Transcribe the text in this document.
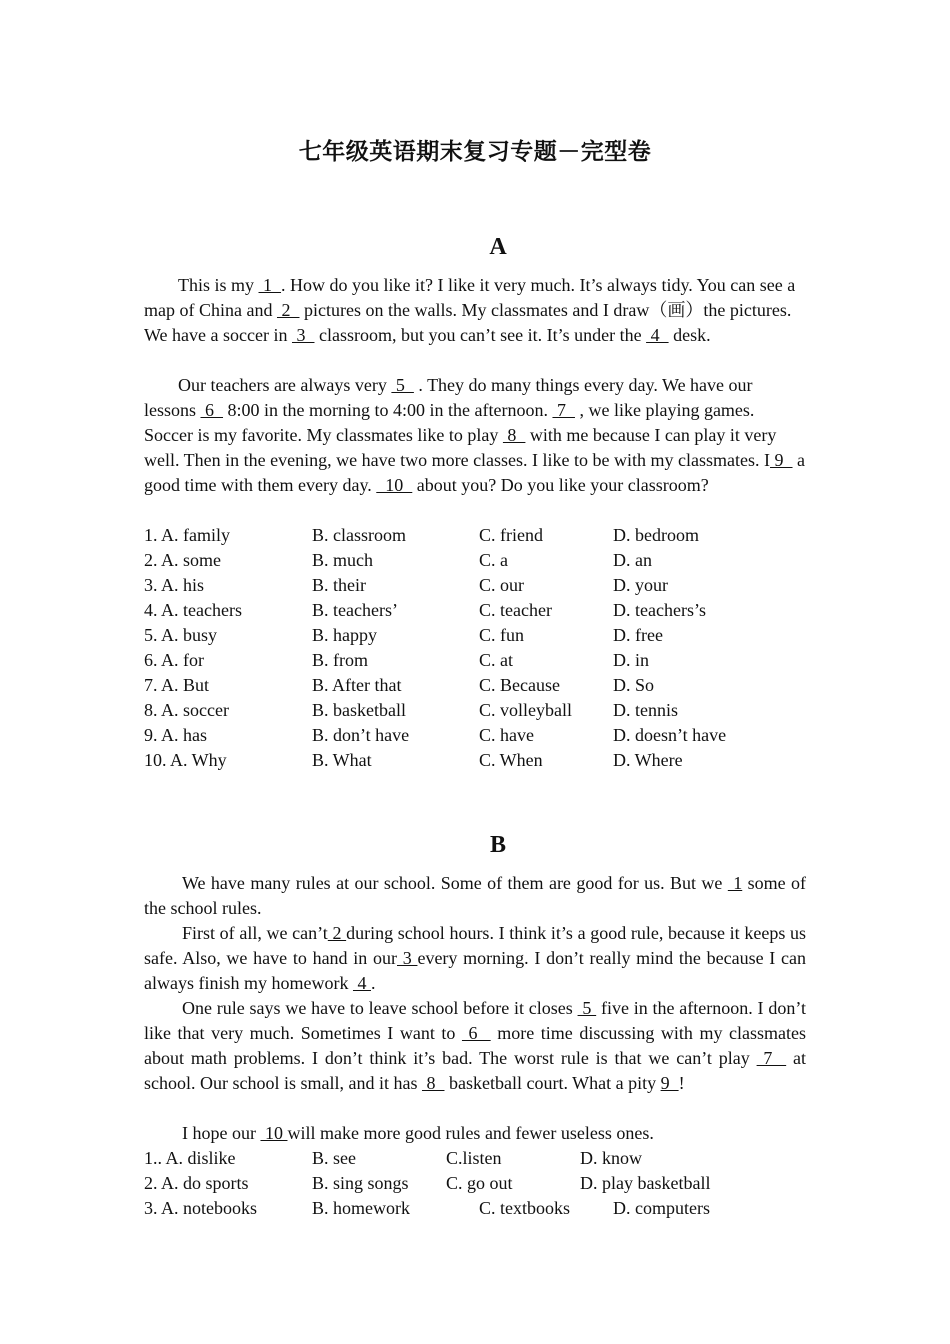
七年级英语期末复习专题－完型卷
A

This is my  1  . How do you like it? I like it very much. It’s always tidy. You can see a map of China and  2   pictures on the walls. My classmates and I draw（画）the pictures. We have a soccer in  3   classroom, but you can’t see it. It’s under the  4   desk.

Our teachers are always very  5   . They do many things every day. We have our lessons  6   8:00 in the morning to 4:00 in the afternoon.  7   , we like playing games. Soccer is my favorite. My classmates like to play  8   with me because I can play it very well. Then in the evening, we have two more classes. I like to be with my classmates. I 9   a good time with them every day.   10   about you? Do you like your classroom?

1. A. family	B. classroom	C. friend	D. bedroom
2. A. some	B. much	C. a	D. an
3. A. his	B. their	C. our	D. your
4. A. teachers	B. teachers’	C. teacher	D. teachers’s
5. A. busy	B. happy	C. fun	D. free
6. A. for	B. from	C. at	D. in
7. A. But	B. After that	C. Because	D. So
8. A. soccer	B. basketball	C. volleyball D. tennis
9. A. has	B. don’t have	C. have	D. doesn’t have
10. A. Why	B. What	C. When	D. Where
B

We have many rules at our school. Some of them are good for us. But we  1 some of the school rules.

First of all, we can’t 2 during school hours. I think it’s a good rule, because it keeps us safe. Also, we have to hand in our 3 every morning. I don’t really mind the because I can always finish my homework  4 .

One rule says we have to leave school before it closes  5  five in the afternoon. I don’t like that very much. Sometimes I want to  6   more time discussing with my classmates about math problems. I don’t think it’s bad. The worst rule is that we can’t play  7   at school. Our school is small, and it has  8   basketball court. What a pity 9  !

I hope our  10 will make more good rules and fewer useless ones.

1.. A. dislike	B. see	C.listen	D. know
2. A. do sports	B. sing songs C. go out	D. play basketball
3. A. notebooks	B. homework	C. textbooks D. computers
